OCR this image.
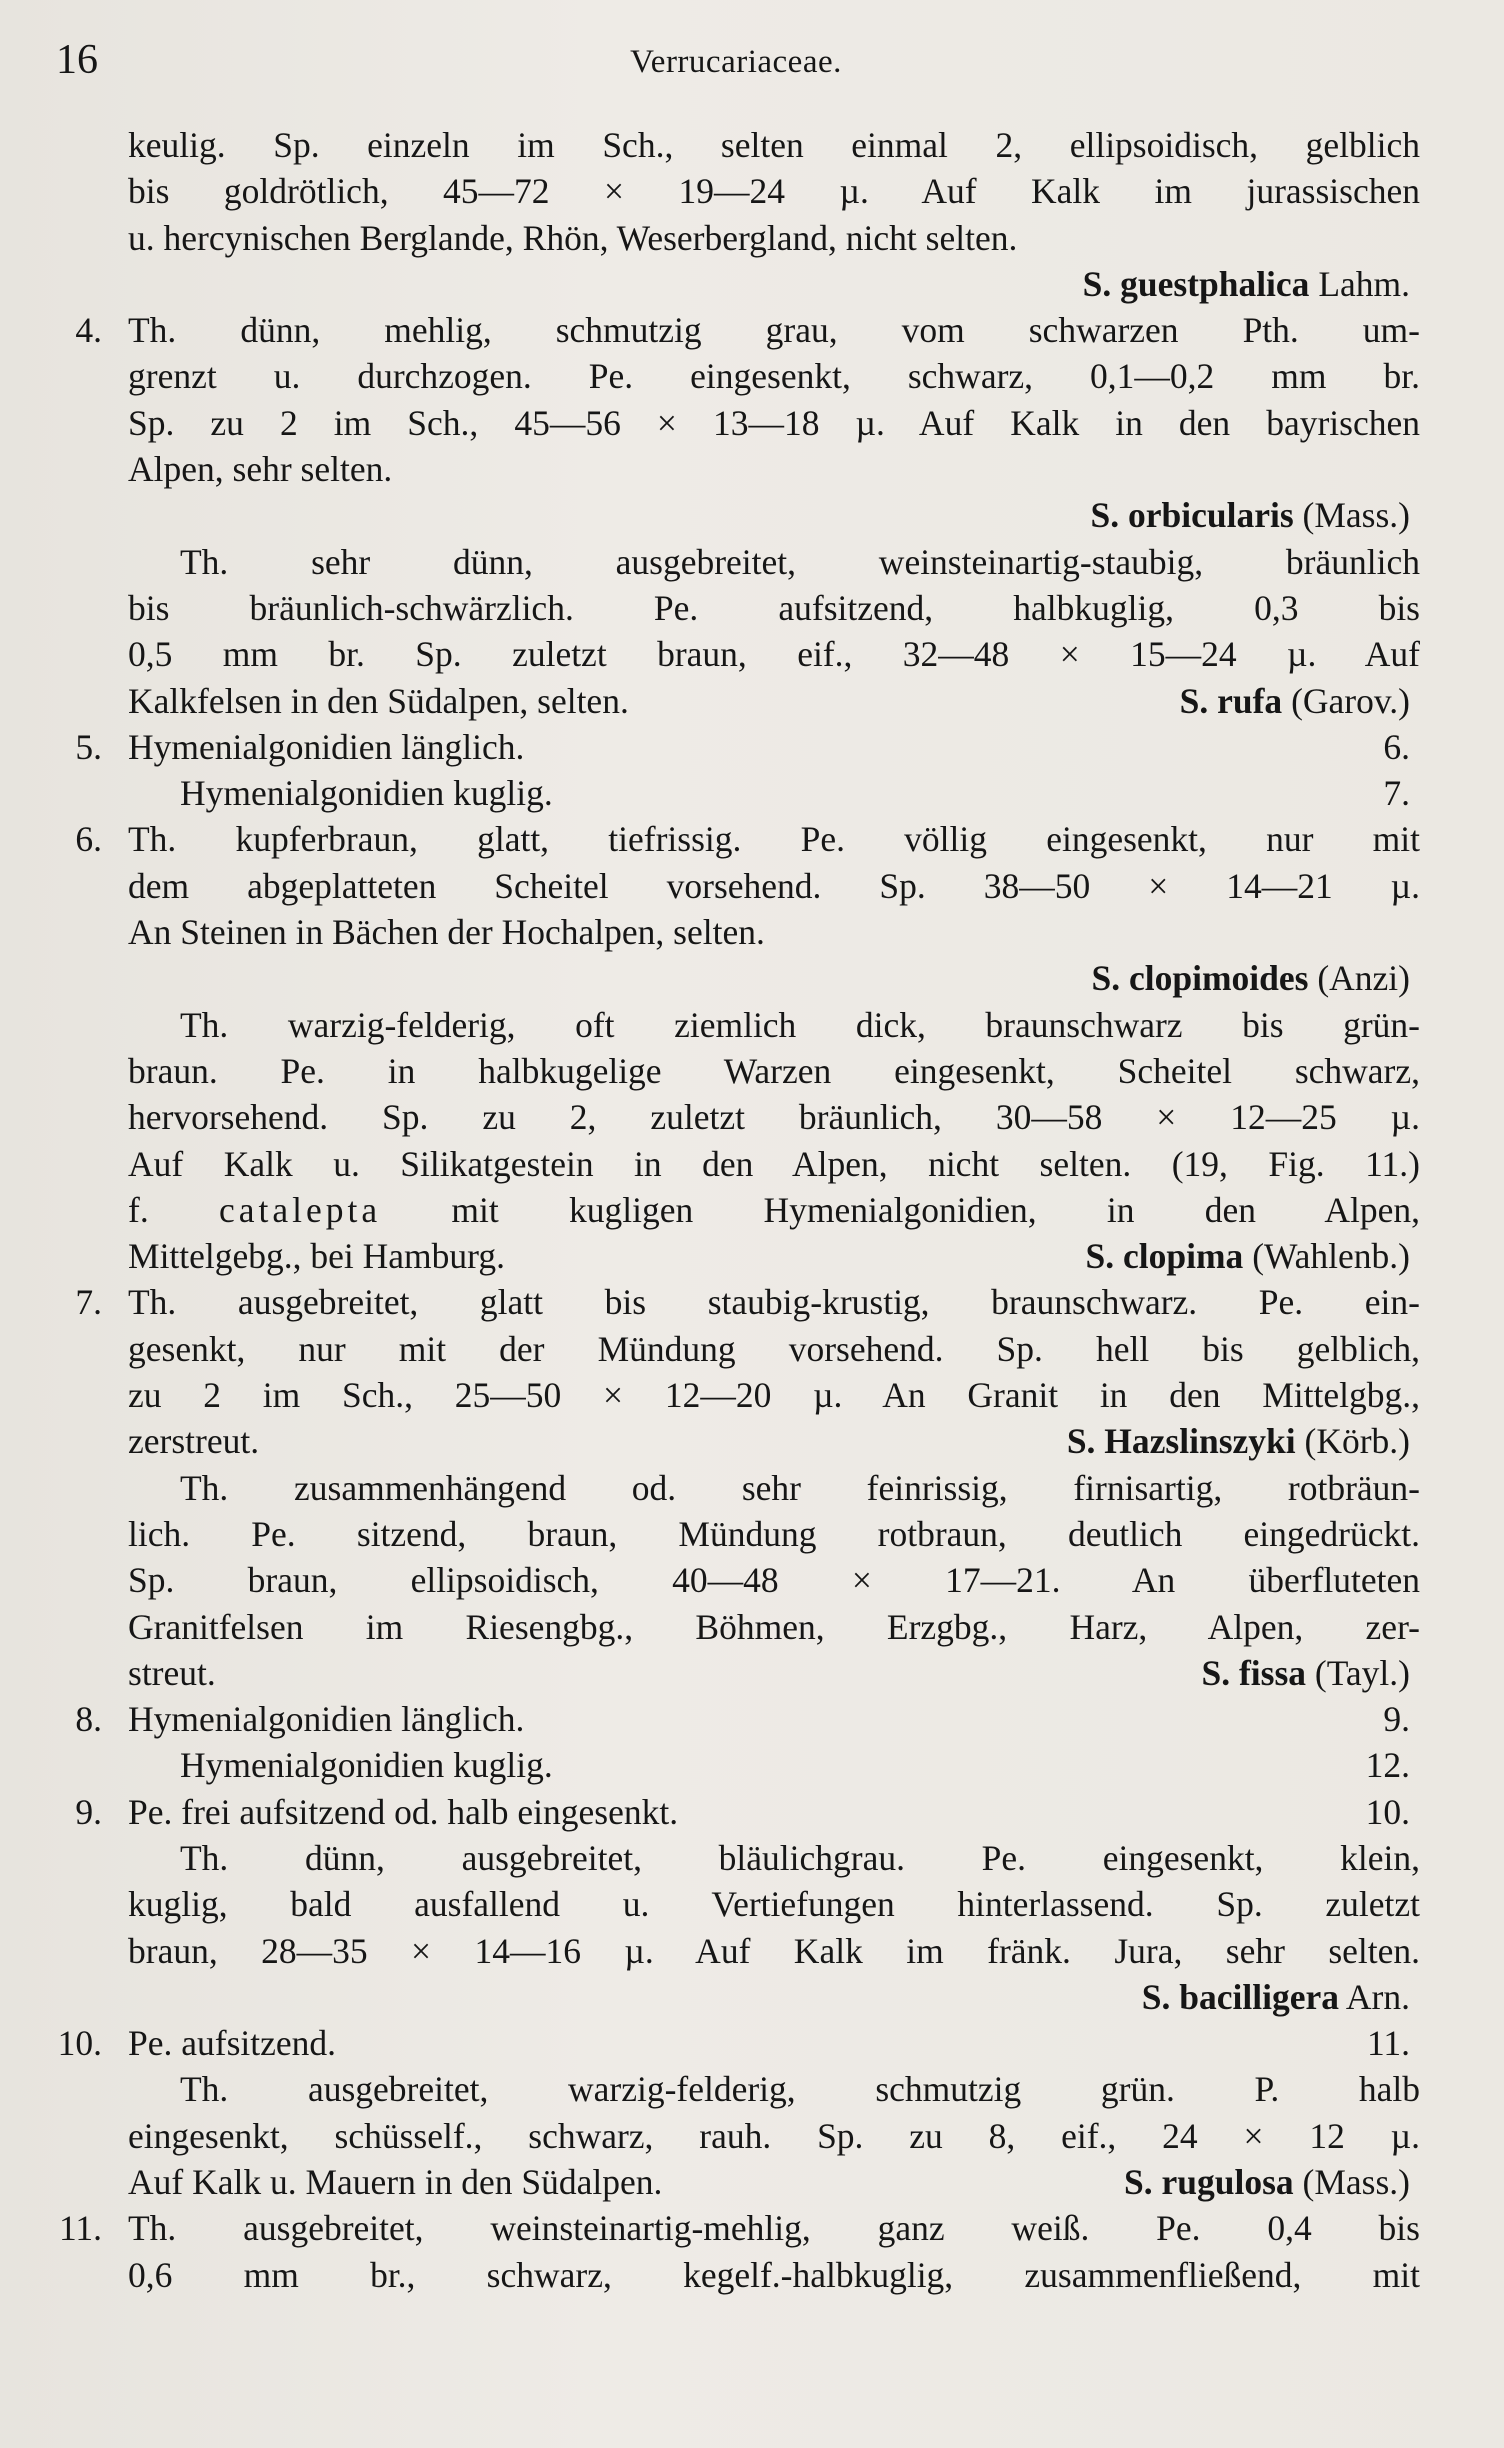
16	Verrucariaceae.
keulig. Sp. einzeln im Sch., selten einmal 2, ellipsoidisch, gelblich
bis goldrötlich, 45—72 × 19—24 µ. Auf Kalk im jurassischen
u. hercynischen Berglande, Rhön, Weserbergland, nicht selten.
S. guestphalica Lahm.
4. Th. dünn, mehlig, schmutzig grau, vom schwarzen Pth. um-
grenzt u. durchzogen. Pe. eingesenkt, schwarz, 0,1—0,2 mm br.
Sp. zu 2 im Sch., 45—56 × 13—18 µ. Auf Kalk in den bayrischen
Alpen, sehr selten.
S. orbicularis (Mass.)
Th. sehr dünn, ausgebreitet, weinsteinartig-staubig, bräunlich
bis bräunlich-schwärzlich. Pe. aufsitzend, halbkuglig, 0,3 bis
0,5 mm br. Sp. zuletzt braun, eif., 32—48 × 15—24 µ. Auf
Kalkfelsen in den Südalpen, selten.	S. rufa (Garov.)
5. Hymenialgonidien länglich.	6.
Hymenialgonidien kuglig.	7.
6. Th. kupferbraun, glatt, tiefrissig. Pe. völlig eingesenkt, nur mit
dem abgeplatteten Scheitel vorsehend. Sp. 38—50 × 14—21 µ.
An Steinen in Bächen der Hochalpen, selten.
S. clopimoides (Anzi)
Th. warzig-felderig, oft ziemlich dick, braunschwarz bis grün-
braun. Pe. in halbkugelige Warzen eingesenkt, Scheitel schwarz,
hervorsehend. Sp. zu 2, zuletzt bräunlich, 30—58 × 12—25 µ.
Auf Kalk u. Silikatgestein in den Alpen, nicht selten. (19, Fig. 11.)
f. catalepta mit kugligen Hymenialgonidien, in den Alpen,
Mittelgebg., bei Hamburg.	S. clopima (Wahlenb.)
7. Th. ausgebreitet, glatt bis staubig-krustig, braunschwarz. Pe. ein-
gesenkt, nur mit der Mündung vorsehend. Sp. hell bis gelblich,
zu 2 im Sch., 25—50 × 12—20 µ. An Granit in den Mittelgbg.,
zerstreut.	S. Hazslinszyki (Körb.)
Th. zusammenhängend od. sehr feinrissig, firnisartig, rotbräun-
lich. Pe. sitzend, braun, Mündung rotbraun, deutlich eingedrückt.
Sp. braun, ellipsoidisch, 40—48 × 17—21. An überfluteten
Granitfelsen im Riesengbg., Böhmen, Erzgbg., Harz, Alpen, zer-
streut.	S. fissa (Tayl.)
8. Hymenialgonidien länglich.	9.
Hymenialgonidien kuglig.	12.
9. Pe. frei aufsitzend od. halb eingesenkt.	10.
Th. dünn, ausgebreitet, bläulichgrau. Pe. eingesenkt, klein,
kuglig, bald ausfallend u. Vertiefungen hinterlassend. Sp. zuletzt
braun, 28—35 × 14—16 µ. Auf Kalk im fränk. Jura, sehr selten.
S. bacilligera Arn.
10. Pe. aufsitzend.	11.
Th. ausgebreitet, warzig-felderig, schmutzig grün. P. halb
eingesenkt, schüsself., schwarz, rauh. Sp. zu 8, eif., 24 × 12 µ.
Auf Kalk u. Mauern in den Südalpen.	S. rugulosa (Mass.)
11. Th. ausgebreitet, weinsteinartig-mehlig, ganz weiß. Pe. 0,4 bis
0,6 mm br., schwarz, kegelf.-halbkuglig, zusammenfließend, mit
